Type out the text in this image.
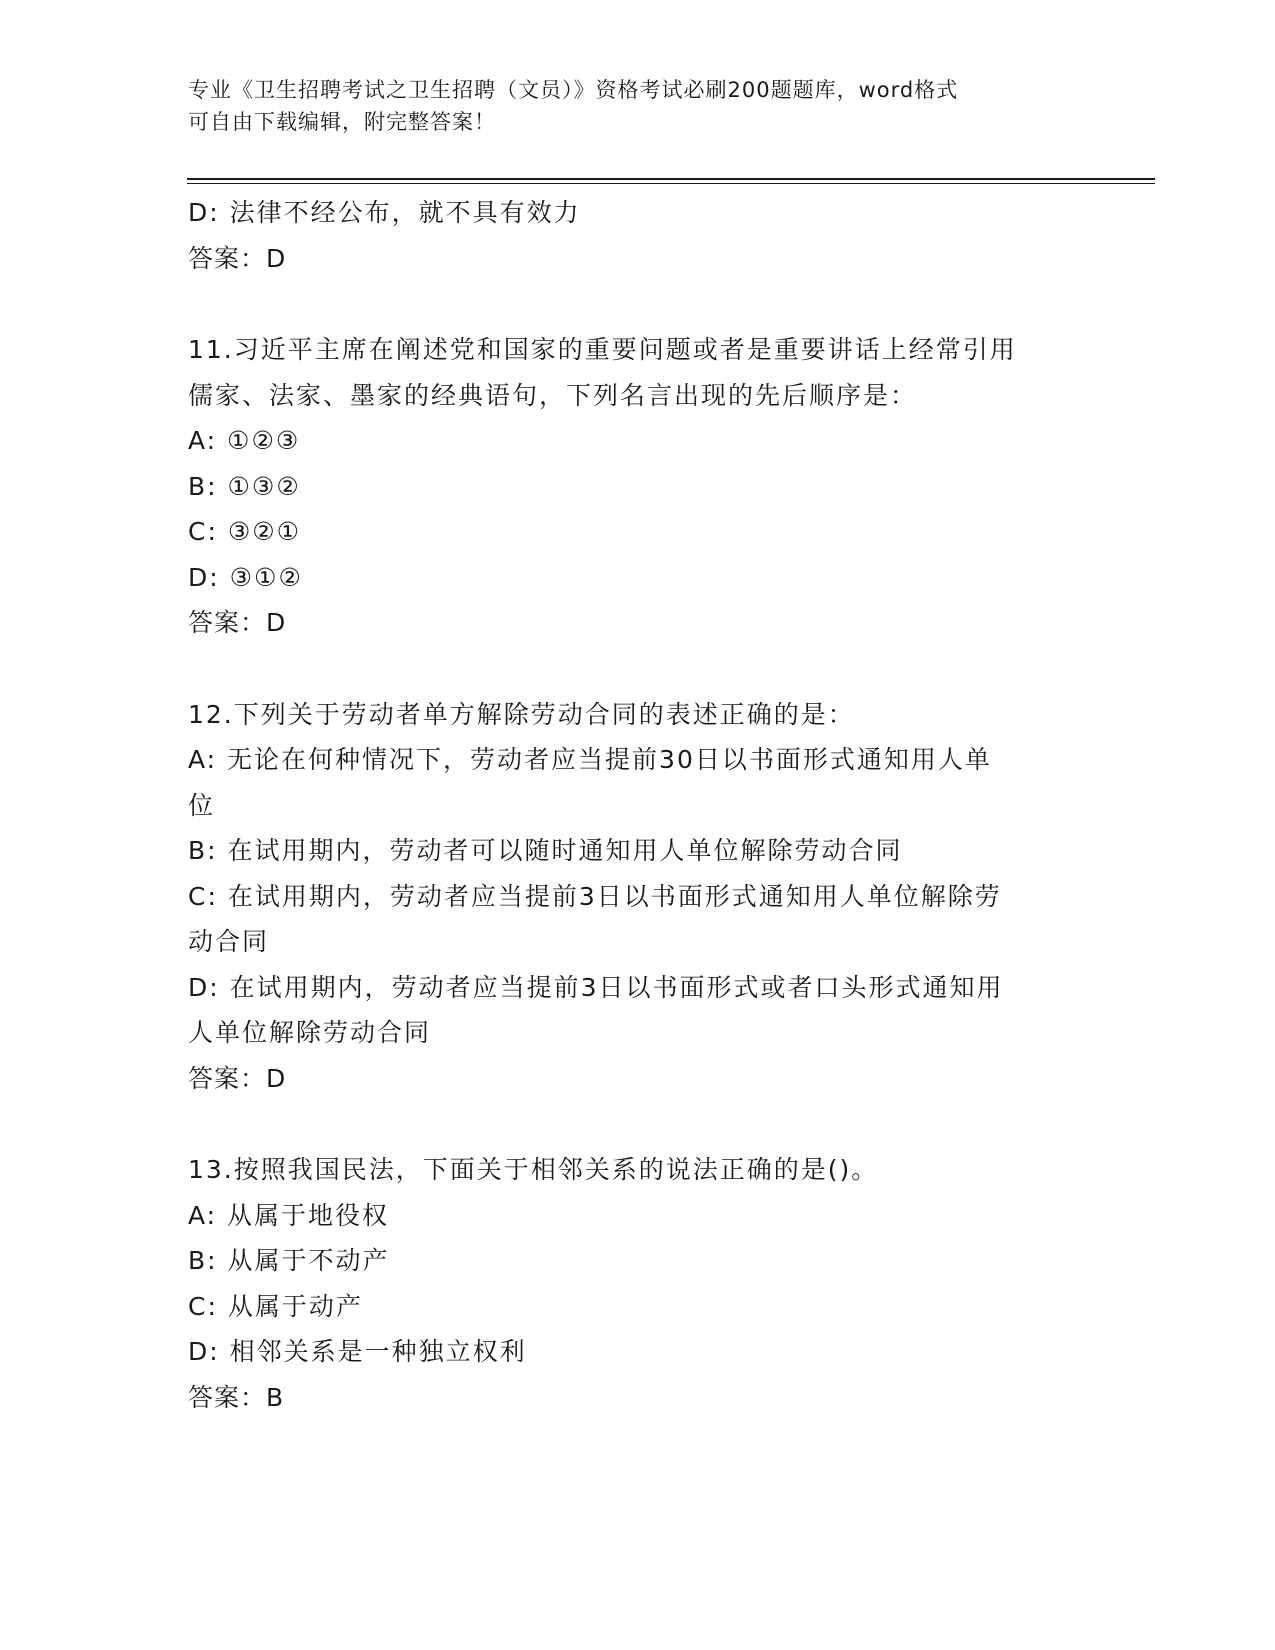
专业《卫生招聘考试之卫生招聘（文员）》资格考试必刷200题题库，word格式
可自由下载编辑，附完整答案！
D: 法律不经公布，就不具有效力
答案：D
11.习近平主席在阐述党和国家的重要问题或者是重要讲话上经常引用
儒家、法家、墨家的经典语句，下列名言出现的先后顺序是：
A: ①②③
B: ①③②
C: ③②①
D: ③①②
答案：D
12.下列关于劳动者单方解除劳动合同的表述正确的是：
A: 无论在何种情况下，劳动者应当提前30日以书面形式通知用人单
位
B: 在试用期内，劳动者可以随时通知用人单位解除劳动合同
C: 在试用期内，劳动者应当提前3日以书面形式通知用人单位解除劳
动合同
D: 在试用期内，劳动者应当提前3日以书面形式或者口头形式通知用
人单位解除劳动合同
答案：D
13.按照我国民法，下面关于相邻关系的说法正确的是()。
A: 从属于地役权
B: 从属于不动产
C: 从属于动产
D: 相邻关系是一种独立权利
答案：B
